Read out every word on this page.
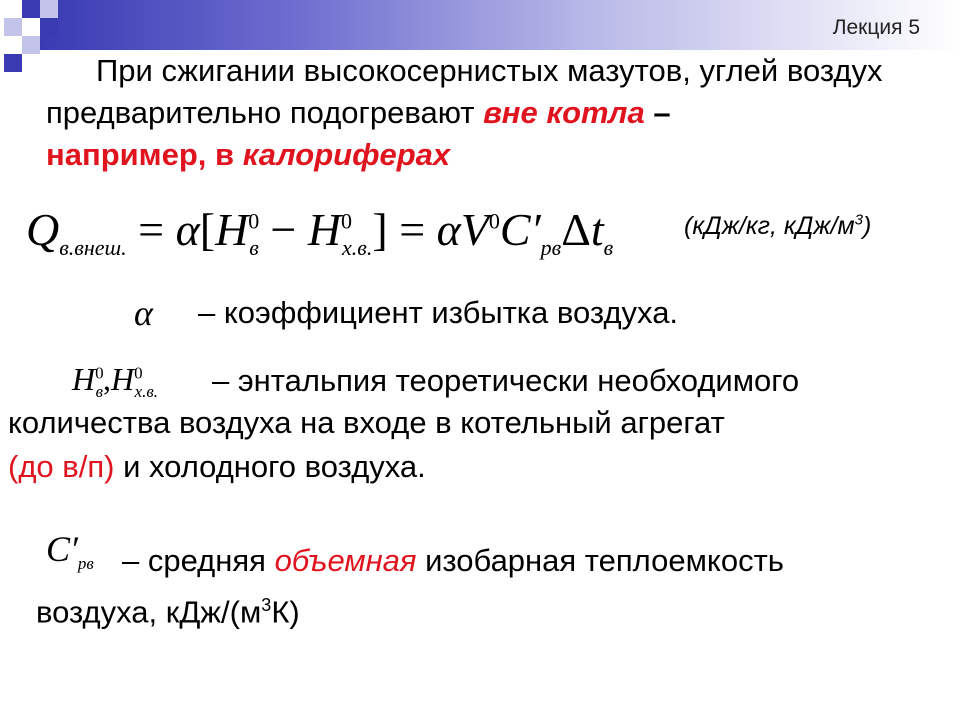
Лекция 5

При сжигании высокосернистых мазутов, углей воздух предварительно подогревают вне котла –
например, в калориферах

$Q_{в.внеш.} = \alpha[H^0_в - H^0_{х.в.}] = \alpha V^0C'_{рв}\Delta t_в$
(кДж/кг, кДж/$м^3$)
α – коэффициент избытка воздуха.
$H^0_в,H^0_{х.в.}$ – энтальпия теоретически необходимого
количества воздуха на входе в котельный агрегат
(до в/п) и холодного воздуха.
$C'_{рв}$ – средняя объемная изобарная теплоемкость
воздуха, кДж/$(м^3К)$
